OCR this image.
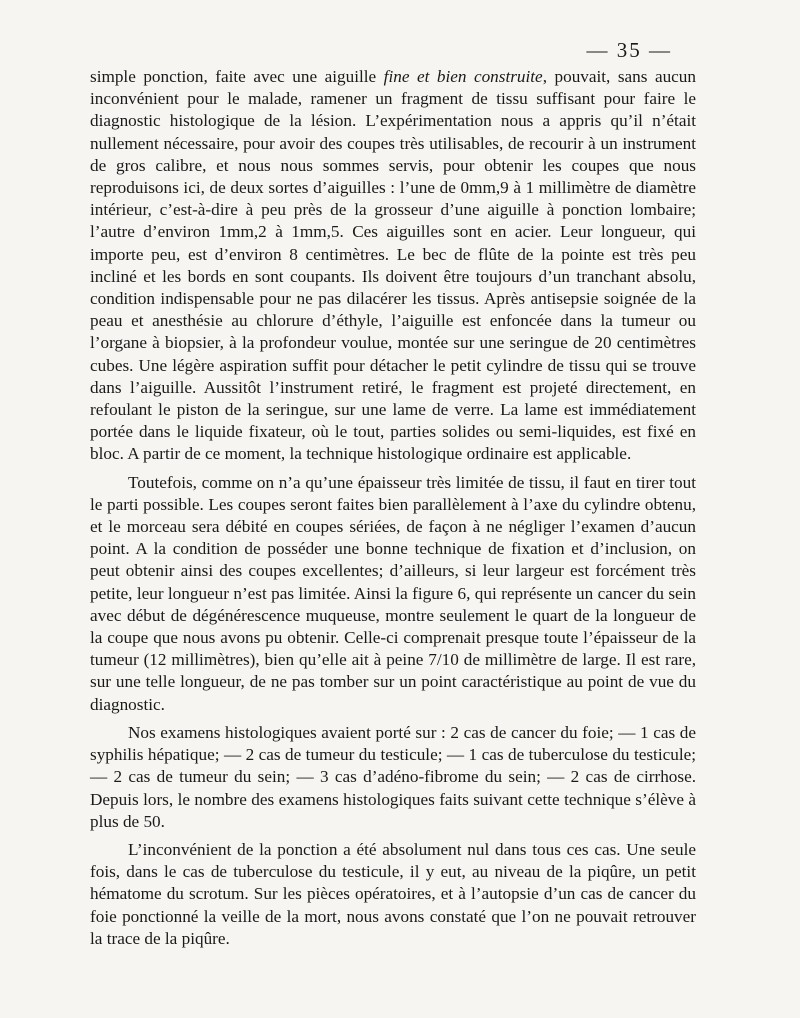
— 35 —

simple ponction, faite avec une aiguille fine et bien construite, pouvait, sans aucun inconvénient pour le malade, ramener un fragment de tissu suffisant pour faire le diagnostic histologique de la lésion. L’expérimentation nous a appris qu’il n’était nullement nécessaire, pour avoir des coupes très utilisables, de recourir à un instrument de gros calibre, et nous nous sommes servis, pour obtenir les coupes que nous reproduisons ici, de deux sortes d’aiguilles : l’une de 0mm,9 à 1 millimètre de diamètre intérieur, c’est-à-dire à peu près de la grosseur d’une aiguille à ponction lombaire; l’autre d’environ 1mm,2 à 1mm,5. Ces aiguilles sont en acier. Leur longueur, qui importe peu, est d’environ 8 centimètres. Le bec de flûte de la pointe est très peu incliné et les bords en sont coupants. Ils doivent être toujours d’un tranchant absolu, condition indispensable pour ne pas dilacérer les tissus. Après antisepsie soignée de la peau et anesthésie au chlorure d’éthyle, l’aiguille est enfoncée dans la tumeur ou l’organe à biopsier, à la profondeur voulue, montée sur une seringue de 20 centimètres cubes. Une légère aspiration suffit pour détacher le petit cylindre de tissu qui se trouve dans l’aiguille. Aussitôt l’instrument retiré, le fragment est projeté directement, en refoulant le piston de la seringue, sur une lame de verre. La lame est immédiatement portée dans le liquide fixateur, où le tout, parties solides ou semi-liquides, est fixé en bloc. A partir de ce moment, la technique histologique ordinaire est applicable.

Toutefois, comme on n’a qu’une épaisseur très limitée de tissu, il faut en tirer tout le parti possible. Les coupes seront faites bien parallèlement à l’axe du cylindre obtenu, et le morceau sera débité en coupes sériées, de façon à ne négliger l’examen d’aucun point. A la condition de posséder une bonne technique de fixation et d’inclusion, on peut obtenir ainsi des coupes excellentes; d’ailleurs, si leur largeur est forcément très petite, leur longueur n’est pas limitée. Ainsi la figure 6, qui représente un cancer du sein avec début de dégénérescence muqueuse, montre seulement le quart de la longueur de la coupe que nous avons pu obtenir. Celle-ci comprenait presque toute l’épaisseur de la tumeur (12 millimètres), bien qu’elle ait à peine 7/10 de millimètre de large. Il est rare, sur une telle longueur, de ne pas tomber sur un point caractéristique au point de vue du diagnostic.

Nos examens histologiques avaient porté sur : 2 cas de cancer du foie; — 1 cas de syphilis hépatique; — 2 cas de tumeur du testicule; — 1 cas de tuberculose du testicule; — 2 cas de tumeur du sein; — 3 cas d’adéno-fibrome du sein; — 2 cas de cirrhose. Depuis lors, le nombre des examens histologiques faits suivant cette technique s’élève à plus de 50.

L’inconvénient de la ponction a été absolument nul dans tous ces cas. Une seule fois, dans le cas de tuberculose du testicule, il y eut, au niveau de la piqûre, un petit hématome du scrotum. Sur les pièces opératoires, et à l’autopsie d’un cas de cancer du foie ponctionné la veille de la mort, nous avons constaté que l’on ne pouvait retrouver la trace de la piqûre.
